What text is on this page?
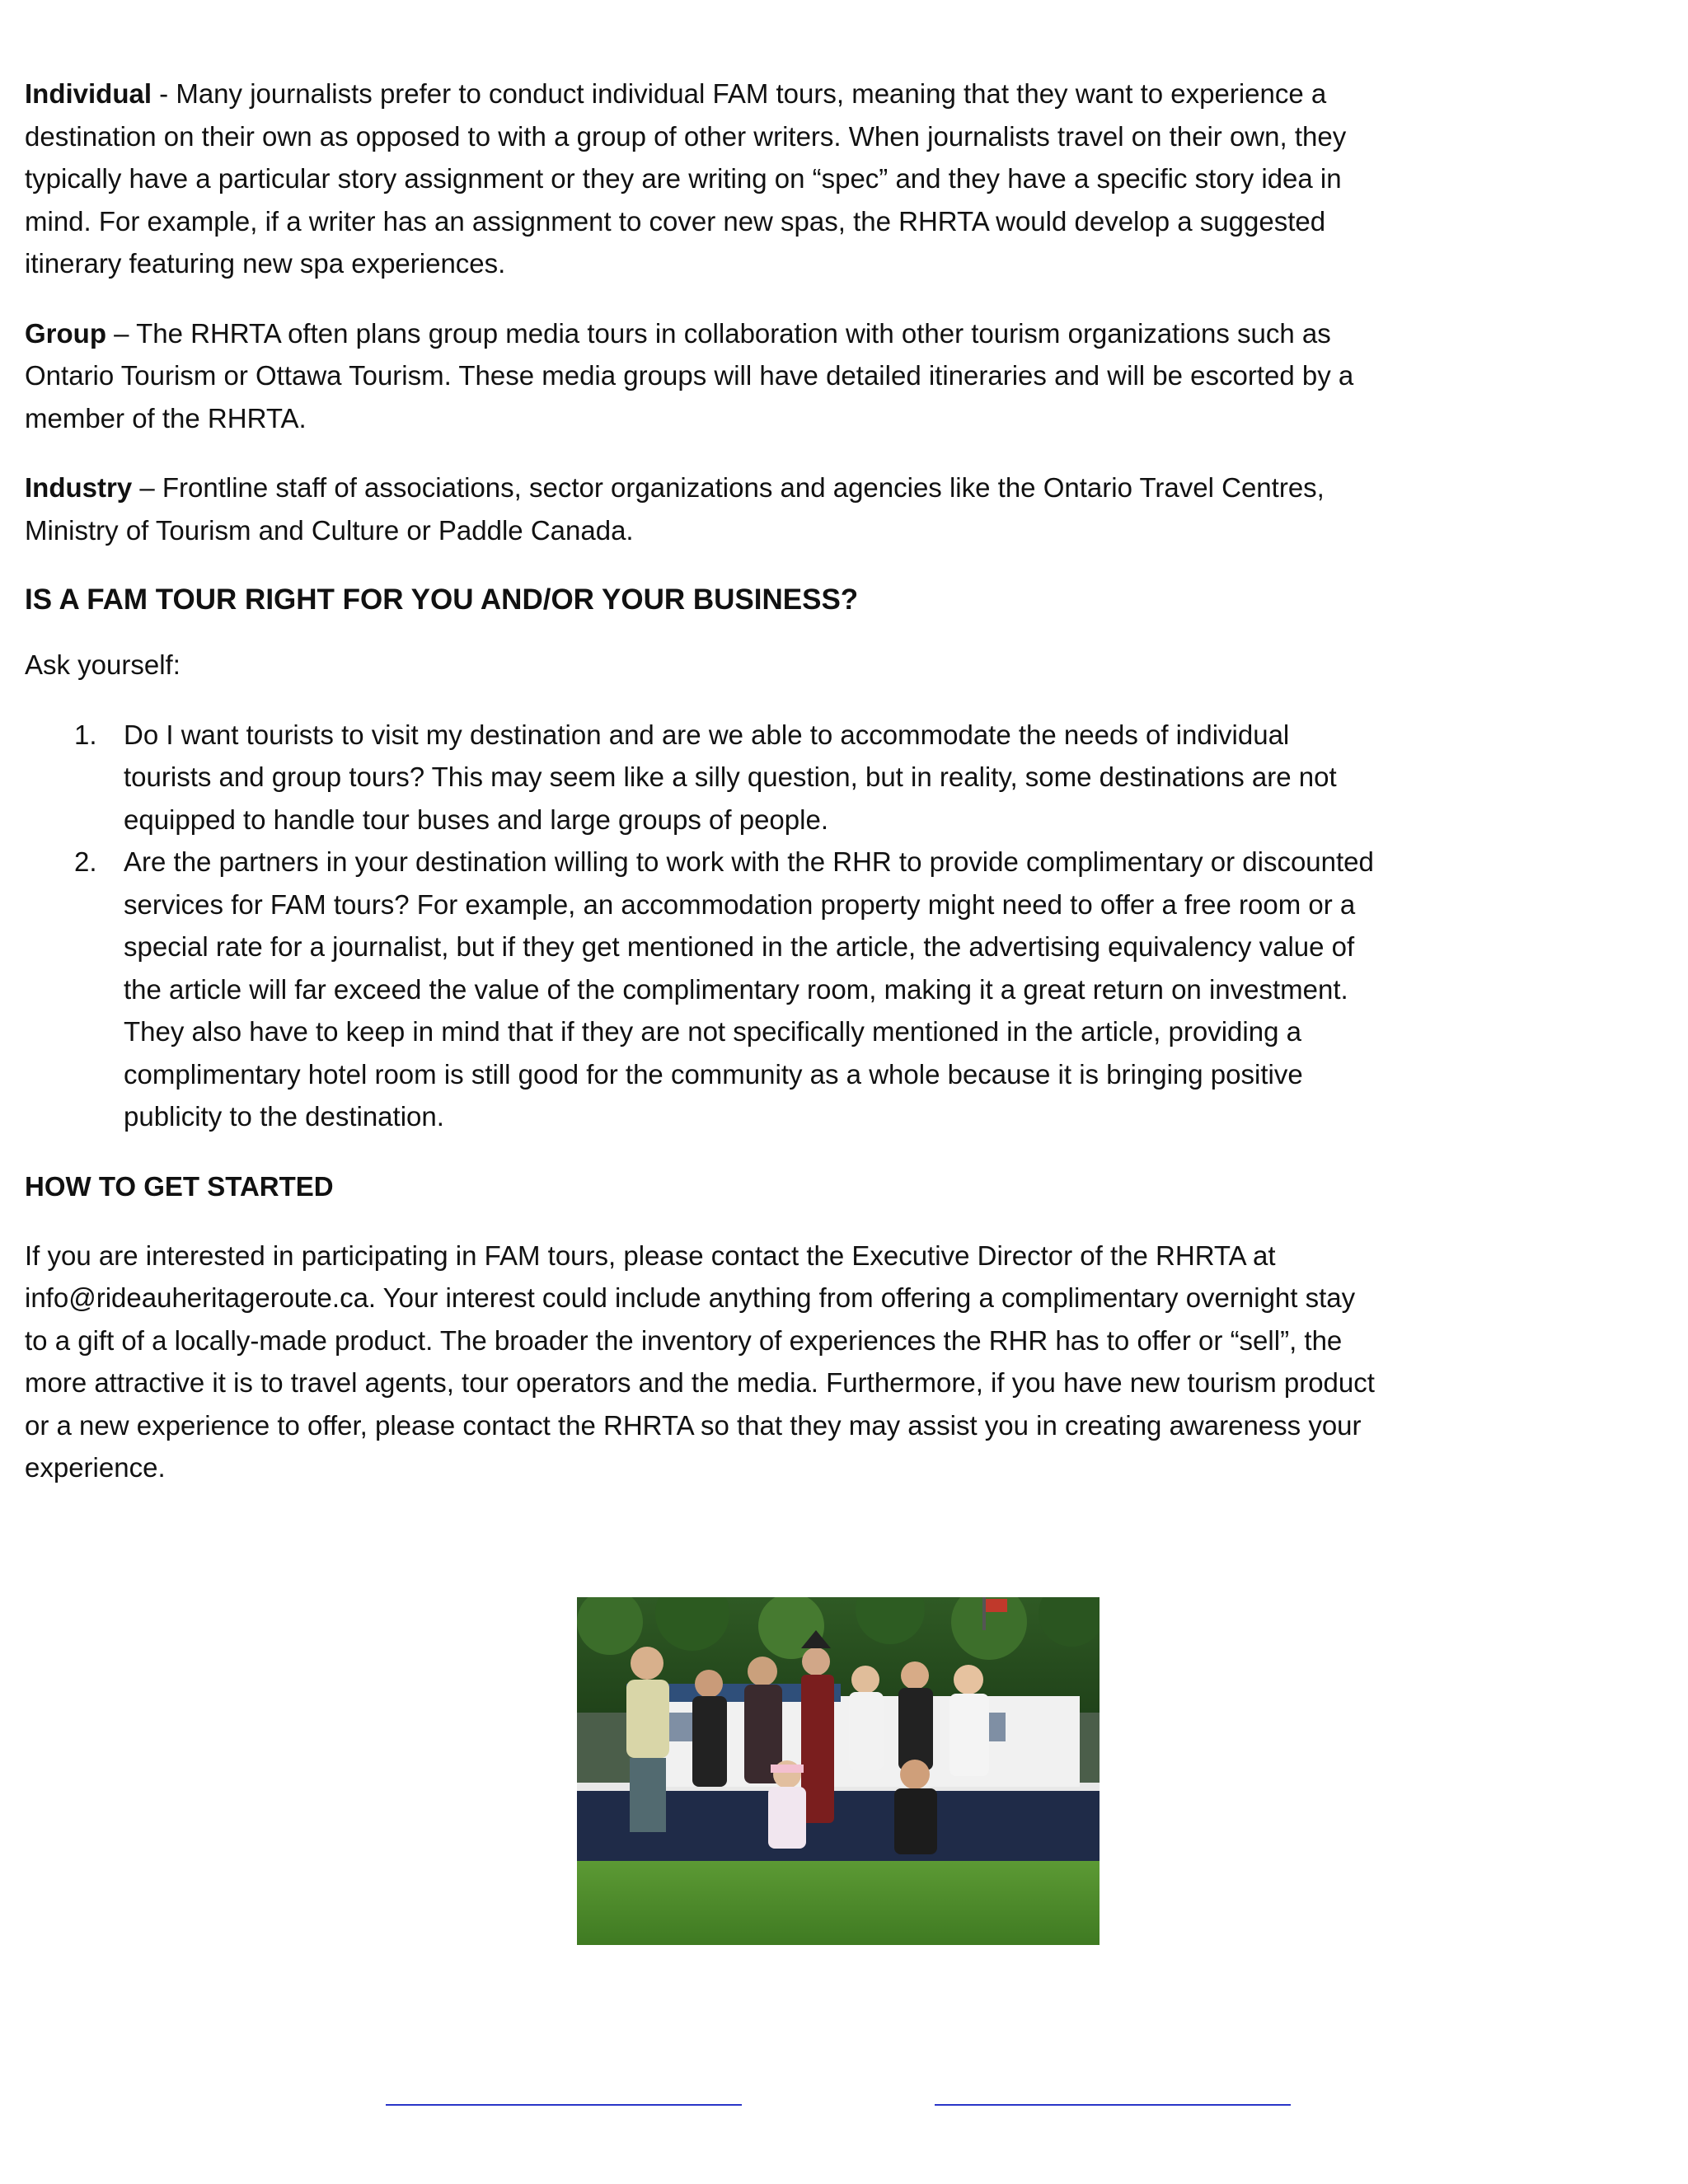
Individual - Many journalists prefer to conduct individual FAM tours, meaning that they want to experience a destination on their own as opposed to with a group of other writers. When journalists travel on their own, they typically have a particular story assignment or they are writing on “spec” and they have a specific story idea in mind. For example, if a writer has an assignment to cover new spas, the RHRTA would develop a suggested itinerary featuring new spa experiences.

Group – The RHRTA often plans group media tours in collaboration with other tourism organizations such as Ontario Tourism or Ottawa Tourism. These media groups will have detailed itineraries and will be escorted by a member of the RHRTA.

Industry – Frontline staff of associations, sector organizations and agencies like the Ontario Travel Centres, Ministry of Tourism and Culture or Paddle Canada.

IS A FAM TOUR RIGHT FOR YOU AND/OR YOUR BUSINESS?

Ask yourself:

1. Do I want tourists to visit my destination and are we able to accommodate the needs of individual tourists and group tours? This may seem like a silly question, but in reality, some destinations are not equipped to handle tour buses and large groups of people.
2. Are the partners in your destination willing to work with the RHR to provide complimentary or discounted services for FAM tours? For example, an accommodation property might need to offer a free room or a special rate for a journalist, but if they get mentioned in the article, the advertising equivalency value of the article will far exceed the value of the complimentary room, making it a great return on investment. They also have to keep in mind that if they are not specifically mentioned in the article, providing a complimentary hotel room is still good for the community as a whole because it is bringing positive publicity to the destination.
HOW TO GET STARTED

If you are interested in participating in FAM tours, please contact the Executive Director of the RHRTA at info@rideauheritageroute.ca. Your interest could include anything from offering a complimentary overnight stay to a gift of a locally-made product. The broader the inventory of experiences the RHR has to offer or “sell”, the more attractive it is to travel agents, tour operators and the media. Furthermore, if you have new tourism product or a new experience to offer, please contact the RHRTA so that they may assist you in creating awareness your experience.
